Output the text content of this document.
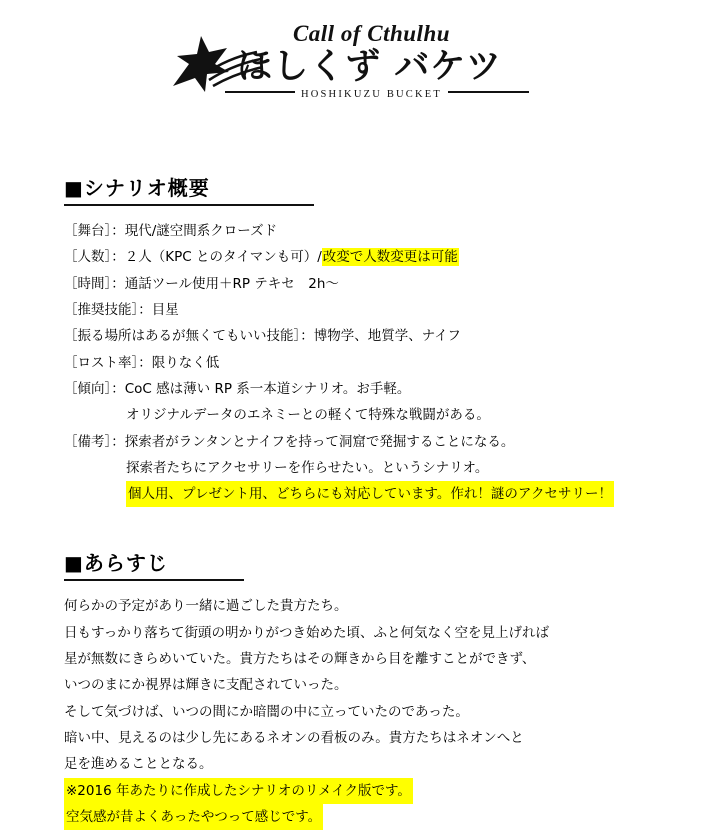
Call of Cthulhu
ほしくず バケツ
HOSHIKUZU BUCKET
■シナリオ概要
［舞台］：現代/謎空間系クローズド
［人数］：２人（KPC とのタイマンも可）/改変で人数変更は可能
［時間］：通話ツール使用＋RP テキセ　2h〜
［推奨技能］：目星
［振る場所はあるが無くてもいい技能］：博物学、地質学、ナイフ
［ロスト率］：限りなく低
［傾向］：CoC 感は薄い RP 系一本道シナリオ。お手軽。
オリジナルデータのエネミーとの軽くて特殊な戦闘がある。
［備考］：探索者がランタンとナイフを持って洞窟で発掘することになる。
探索者たちにアクセサリーを作らせたい。というシナリオ。
個人用、プレゼント用、どちらにも対応しています。作れ！謎のアクセサリー！
■あらすじ
何らかの予定があり一緒に過ごした貴方たち。
日もすっかり落ちて街頭の明かりがつき始めた頃、ふと何気なく空を見上げれば
星が無数にきらめいていた。貴方たちはその輝きから目を離すことができず、
いつのまにか視界は輝きに支配されていった。
そして気づけば、いつの間にか暗闇の中に立っていたのであった。
暗い中、見えるのは少し先にあるネオンの看板のみ。貴方たちはネオンへと
足を進めることとなる。
※2016 年あたりに作成したシナリオのリメイク版です。
空気感が昔よくあったやつって感じです。
